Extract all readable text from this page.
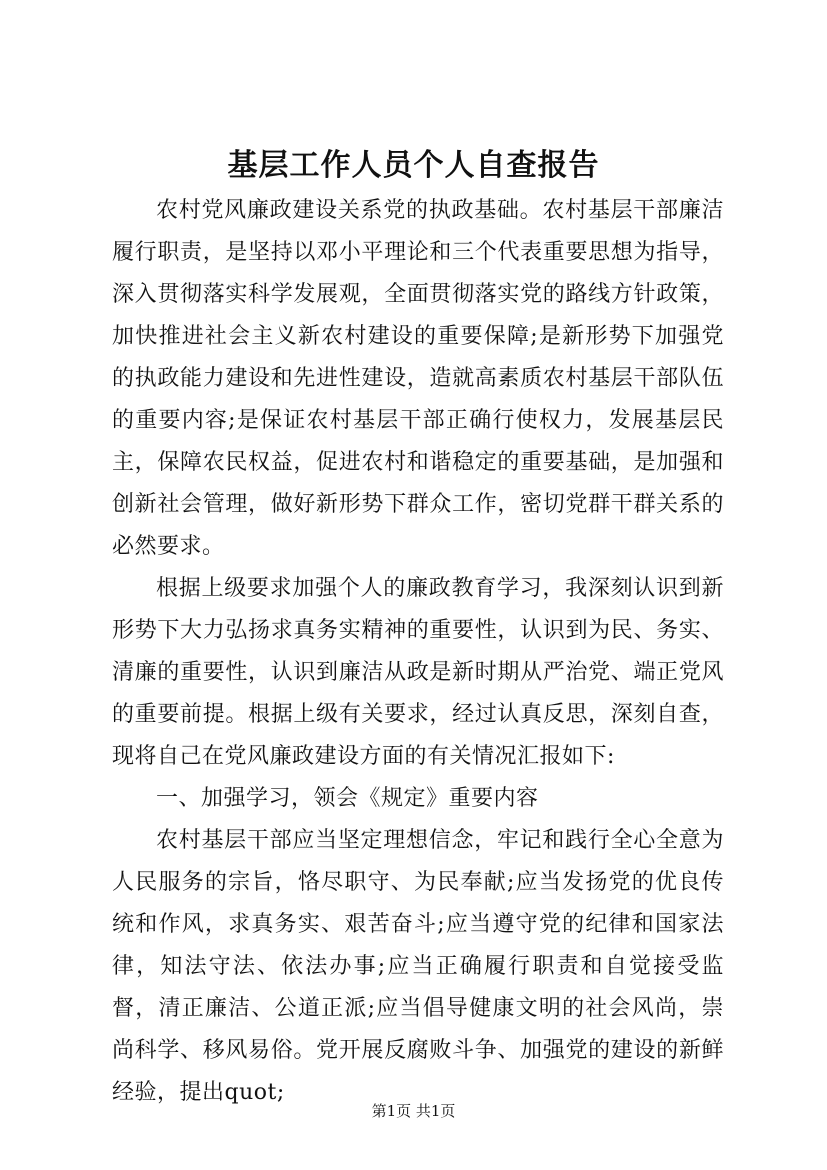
基层工作人员个人自查报告

农村党风廉政建设关系党的执政基础。农村基层干部廉洁履行职责，是坚持以邓小平理论和三个代表重要思想为指导，深入贯彻落实科学发展观，全面贯彻落实党的路线方针政策，加快推进社会主义新农村建设的重要保障;是新形势下加强党的执政能力建设和先进性建设，造就高素质农村基层干部队伍的重要内容;是保证农村基层干部正确行使权力，发展基层民主，保障农民权益，促进农村和谐稳定的重要基础，是加强和创新社会管理，做好新形势下群众工作，密切党群干群关系的必然要求。

根据上级要求加强个人的廉政教育学习，我深刻认识到新形势下大力弘扬求真务实精神的重要性，认识到为民、务实、清廉的重要性，认识到廉洁从政是新时期从严治党、端正党风的重要前提。根据上级有关要求，经过认真反思，深刻自查，现将自己在党风廉政建设方面的有关情况汇报如下:

一、加强学习，领会《规定》重要内容

农村基层干部应当坚定理想信念，牢记和践行全心全意为人民服务的宗旨，恪尽职守、为民奉献;应当发扬党的优良传统和作风，求真务实、艰苦奋斗;应当遵守党的纪律和国家法律，知法守法、依法办事;应当正确履行职责和自觉接受监督，清正廉洁、公道正派;应当倡导健康文明的社会风尚，崇尚科学、移风易俗。党开展反腐败斗争、加强党的建设的新鲜经验，提出quot;

第1页 共1页
